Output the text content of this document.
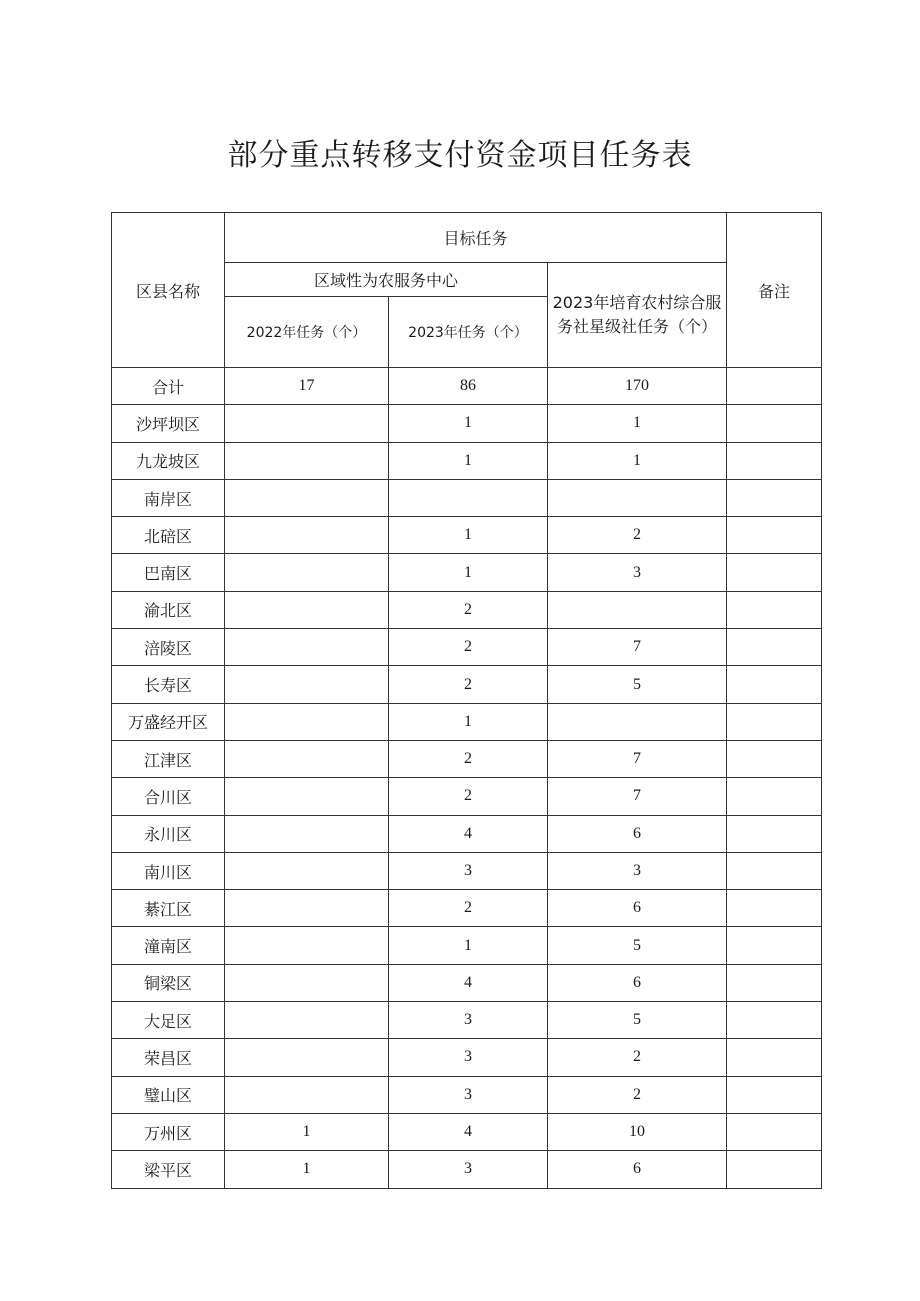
部分重点转移支付资金项目任务表
区县名称	目标任务			备注
	区域性为农服务中心		2023年培育农村综合服务社星级社任务（个）	
	2022年任务（个）	2023年任务（个）		
合计	17	86	170	
沙坪坝区		1	1	
九龙坡区		1	1	
南岸区				
北碚区		1	2	
巴南区		1	3	
渝北区		2		
涪陵区		2	7	
长寿区		2	5	
万盛经开区		1		
江津区		2	7	
合川区		2	7	
永川区		4	6	
南川区		3	3	
綦江区		2	6	
潼南区		1	5	
铜梁区		4	6	
大足区		3	5	
荣昌区		3	2	
璧山区		3	2	
万州区	1	4	10	
梁平区	1	3	6	
